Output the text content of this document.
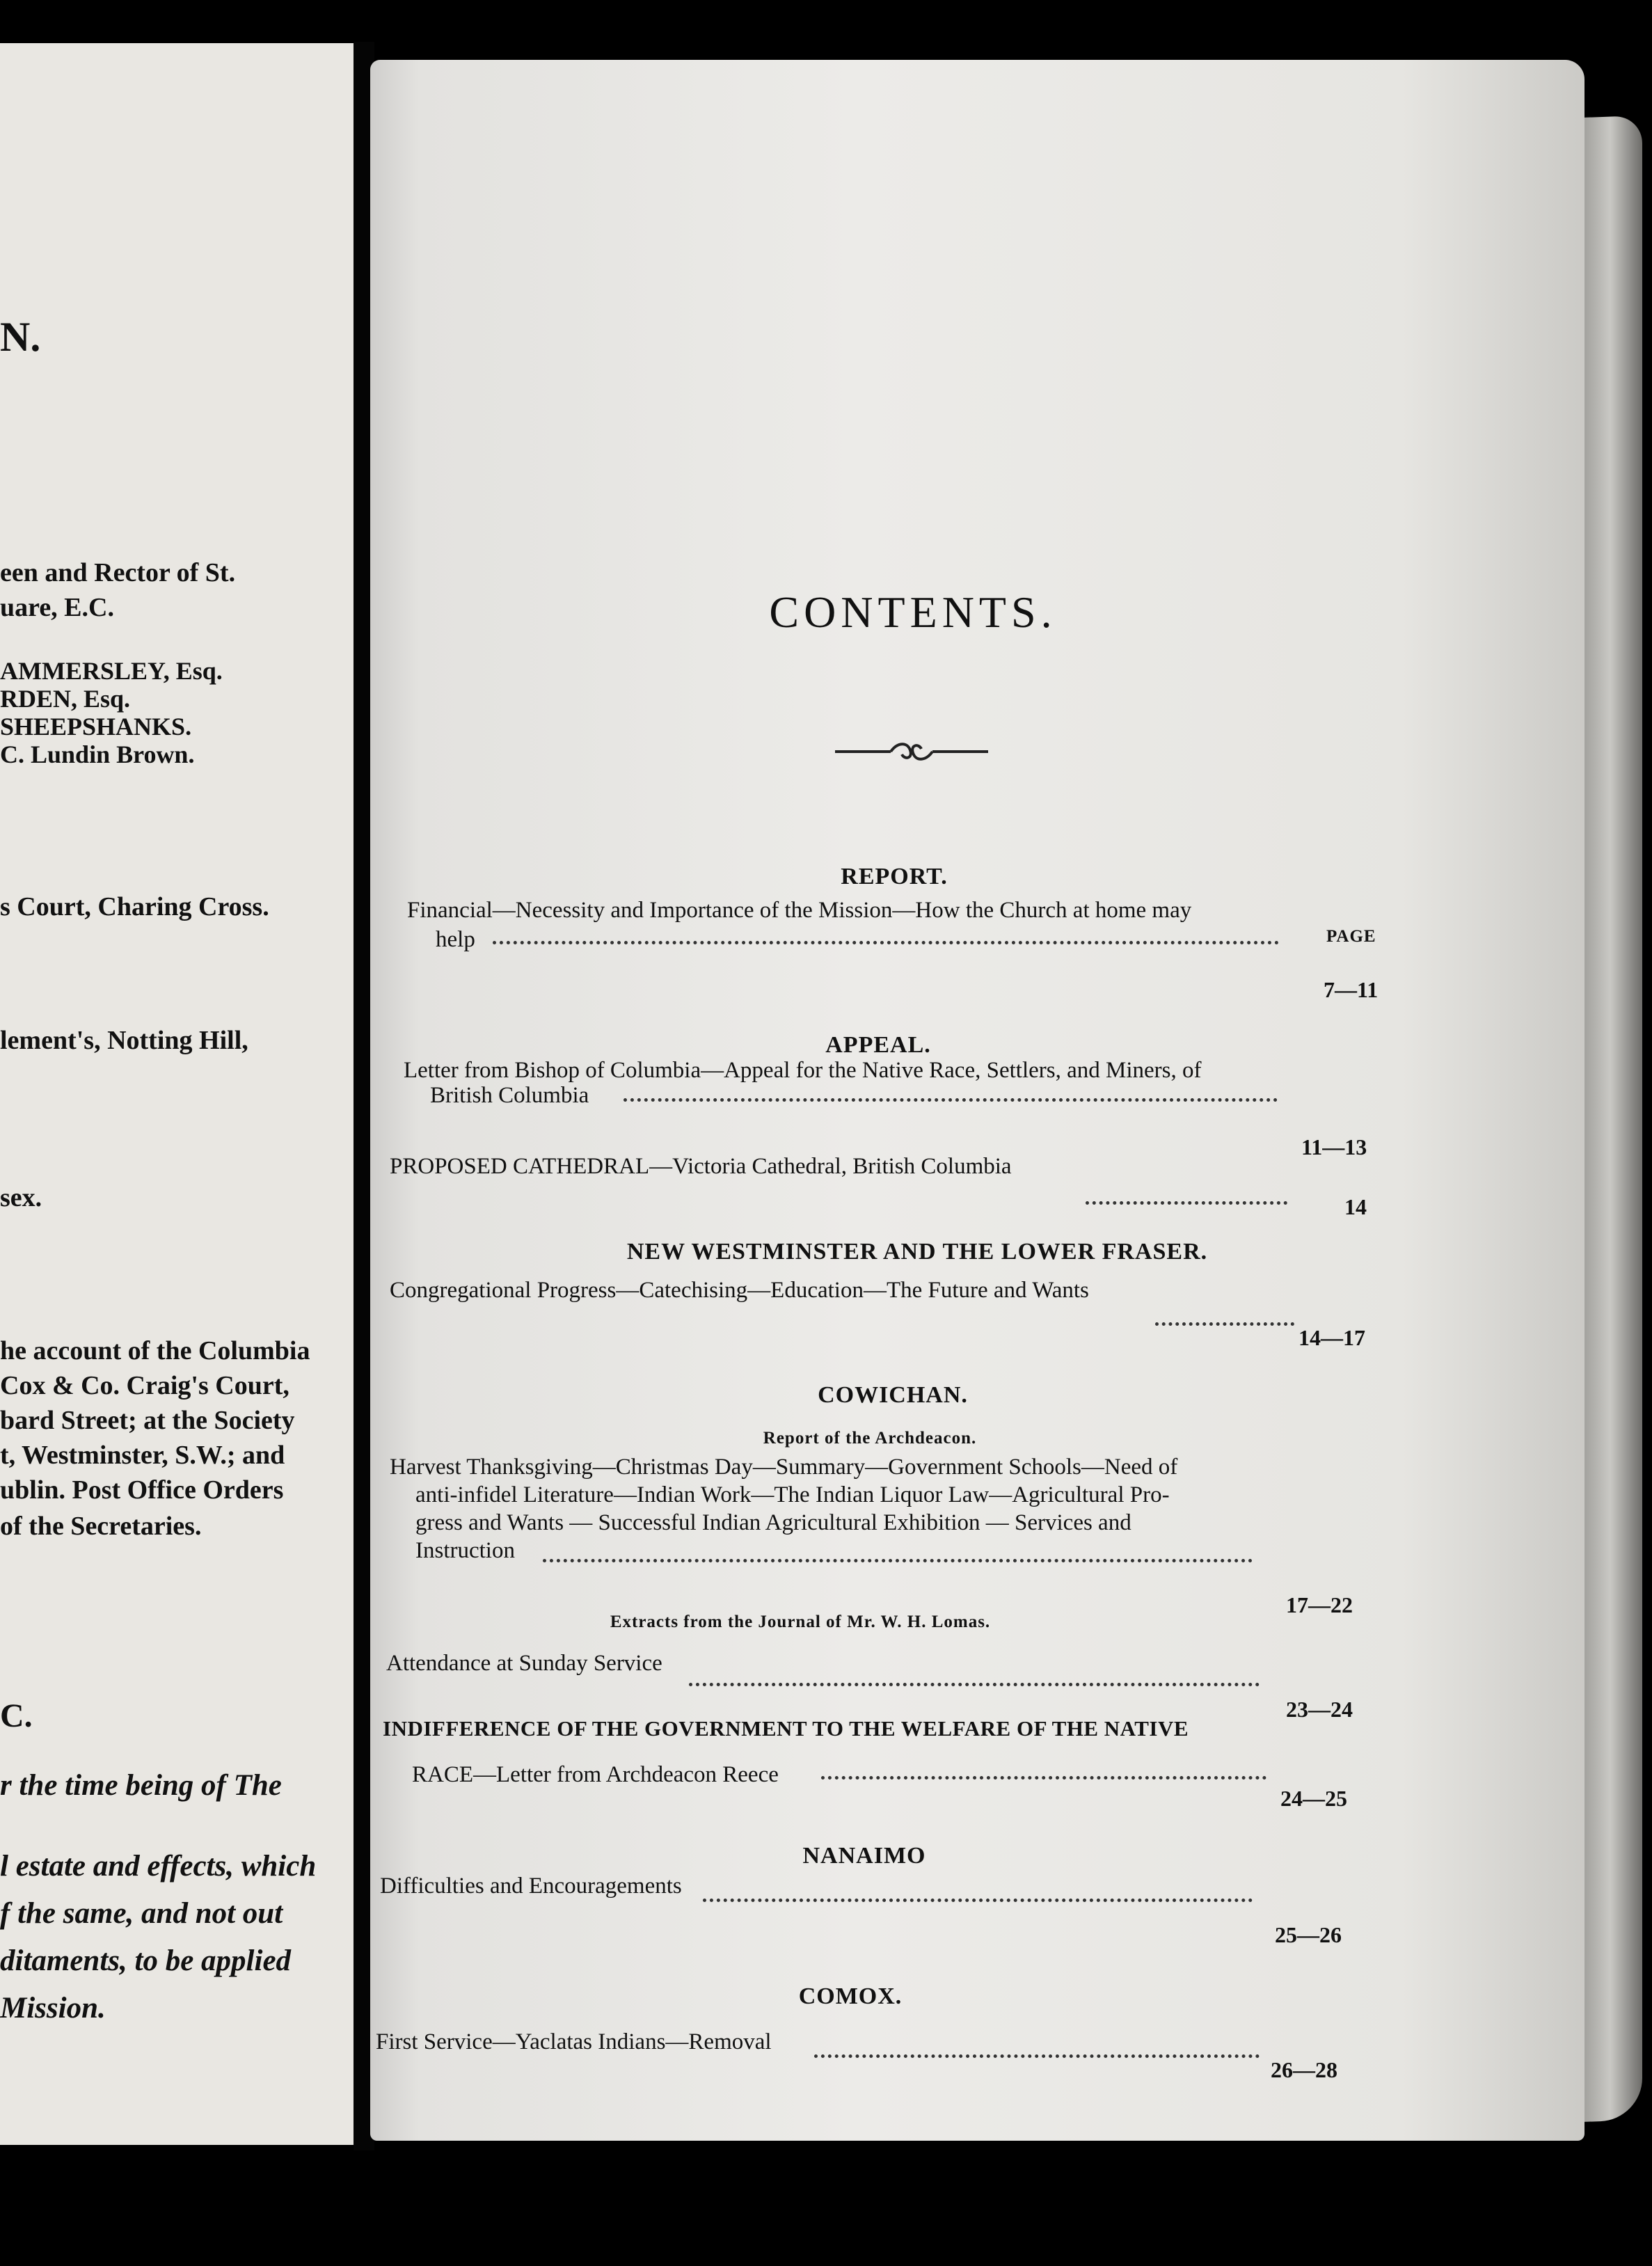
N.
een and Rector of St.
uare, E.C.
AMMERSLEY, Esq.
RDEN, Esq.
SHEEPSHANKS.
C. Lundin Brown.
s Court, Charing Cross.
lement's, Notting Hill,
sex.
he account of the Columbia
Cox & Co. Craig's Court,
bard Street; at the Society
t, Westminster, S.W.; and
ublin. Post Office Orders
of the Secretaries.
C.
r the time being of The
l estate and effects, which
f the same, and not out
ditaments, to be applied
Mission.
CONTENTS.
REPORT.
PAGE
Financial—Necessity and Importance of the Mission—How the Church at home may
help
7—11
APPEAL.
Letter from Bishop of Columbia—Appeal for the Native Race, Settlers, and Miners, of
British Columbia
11—13
PROPOSED CATHEDRAL—Victoria Cathedral, British Columbia
14
NEW WESTMINSTER AND THE LOWER FRASER.
Congregational Progress—Catechising—Education—The Future and Wants
14—17
COWICHAN.
Report of the Archdeacon.
Harvest Thanksgiving—Christmas Day—Summary—Government Schools—Need of
anti-infidel Literature—Indian Work—The Indian Liquor Law—Agricultural Pro-
gress and Wants — Successful Indian Agricultural Exhibition — Services and
Instruction
17—22
Extracts from the Journal of Mr. W. H. Lomas.
Attendance at Sunday Service
23—24
INDIFFERENCE OF THE GOVERNMENT TO THE WELFARE OF THE NATIVE
RACE—Letter from Archdeacon Reece
24—25
NANAIMO
Difficulties and Encouragements
25—26
COMOX.
First Service—Yaclatas Indians—Removal
26—28
